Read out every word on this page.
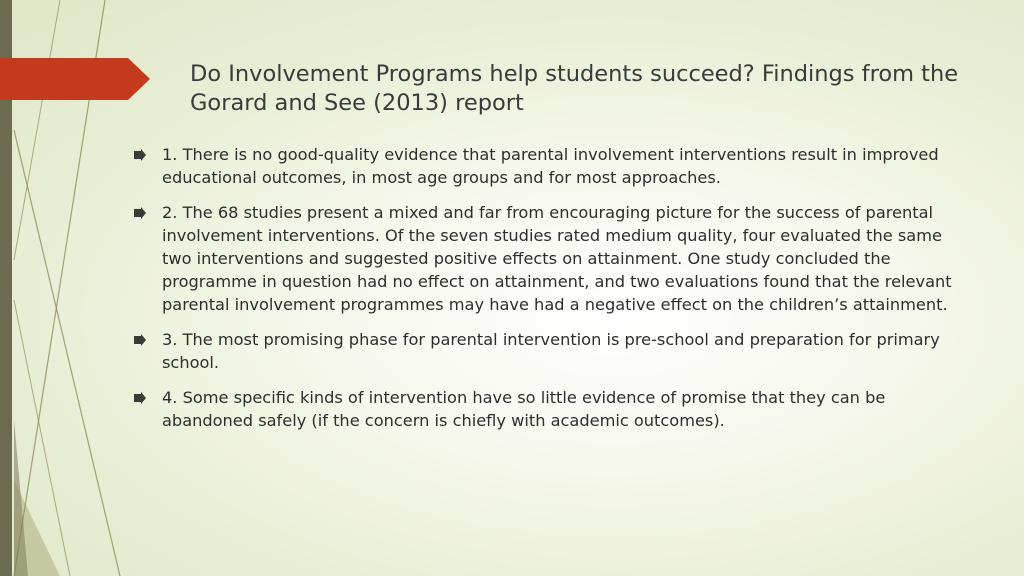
Do Involvement Programs help students succeed? Findings from the Gorard and See (2013) report
1. There is no good-quality evidence that parental involvement interventions result in improved educational outcomes, in most age groups and for most approaches.
2. The 68 studies present a mixed and far from encouraging picture for the success of parental involvement interventions. Of the seven studies rated medium quality, four evaluated the same two interventions and suggested positive effects on attainment. One study concluded the programme in question had no effect on attainment, and two evaluations found that the relevant parental involvement programmes may have had a negative effect on the children’s attainment.
3. The most promising phase for parental intervention is pre-school and preparation for primary school.
4. Some specific kinds of intervention have so little evidence of promise that they can be abandoned safely (if the concern is chiefly with academic outcomes).
